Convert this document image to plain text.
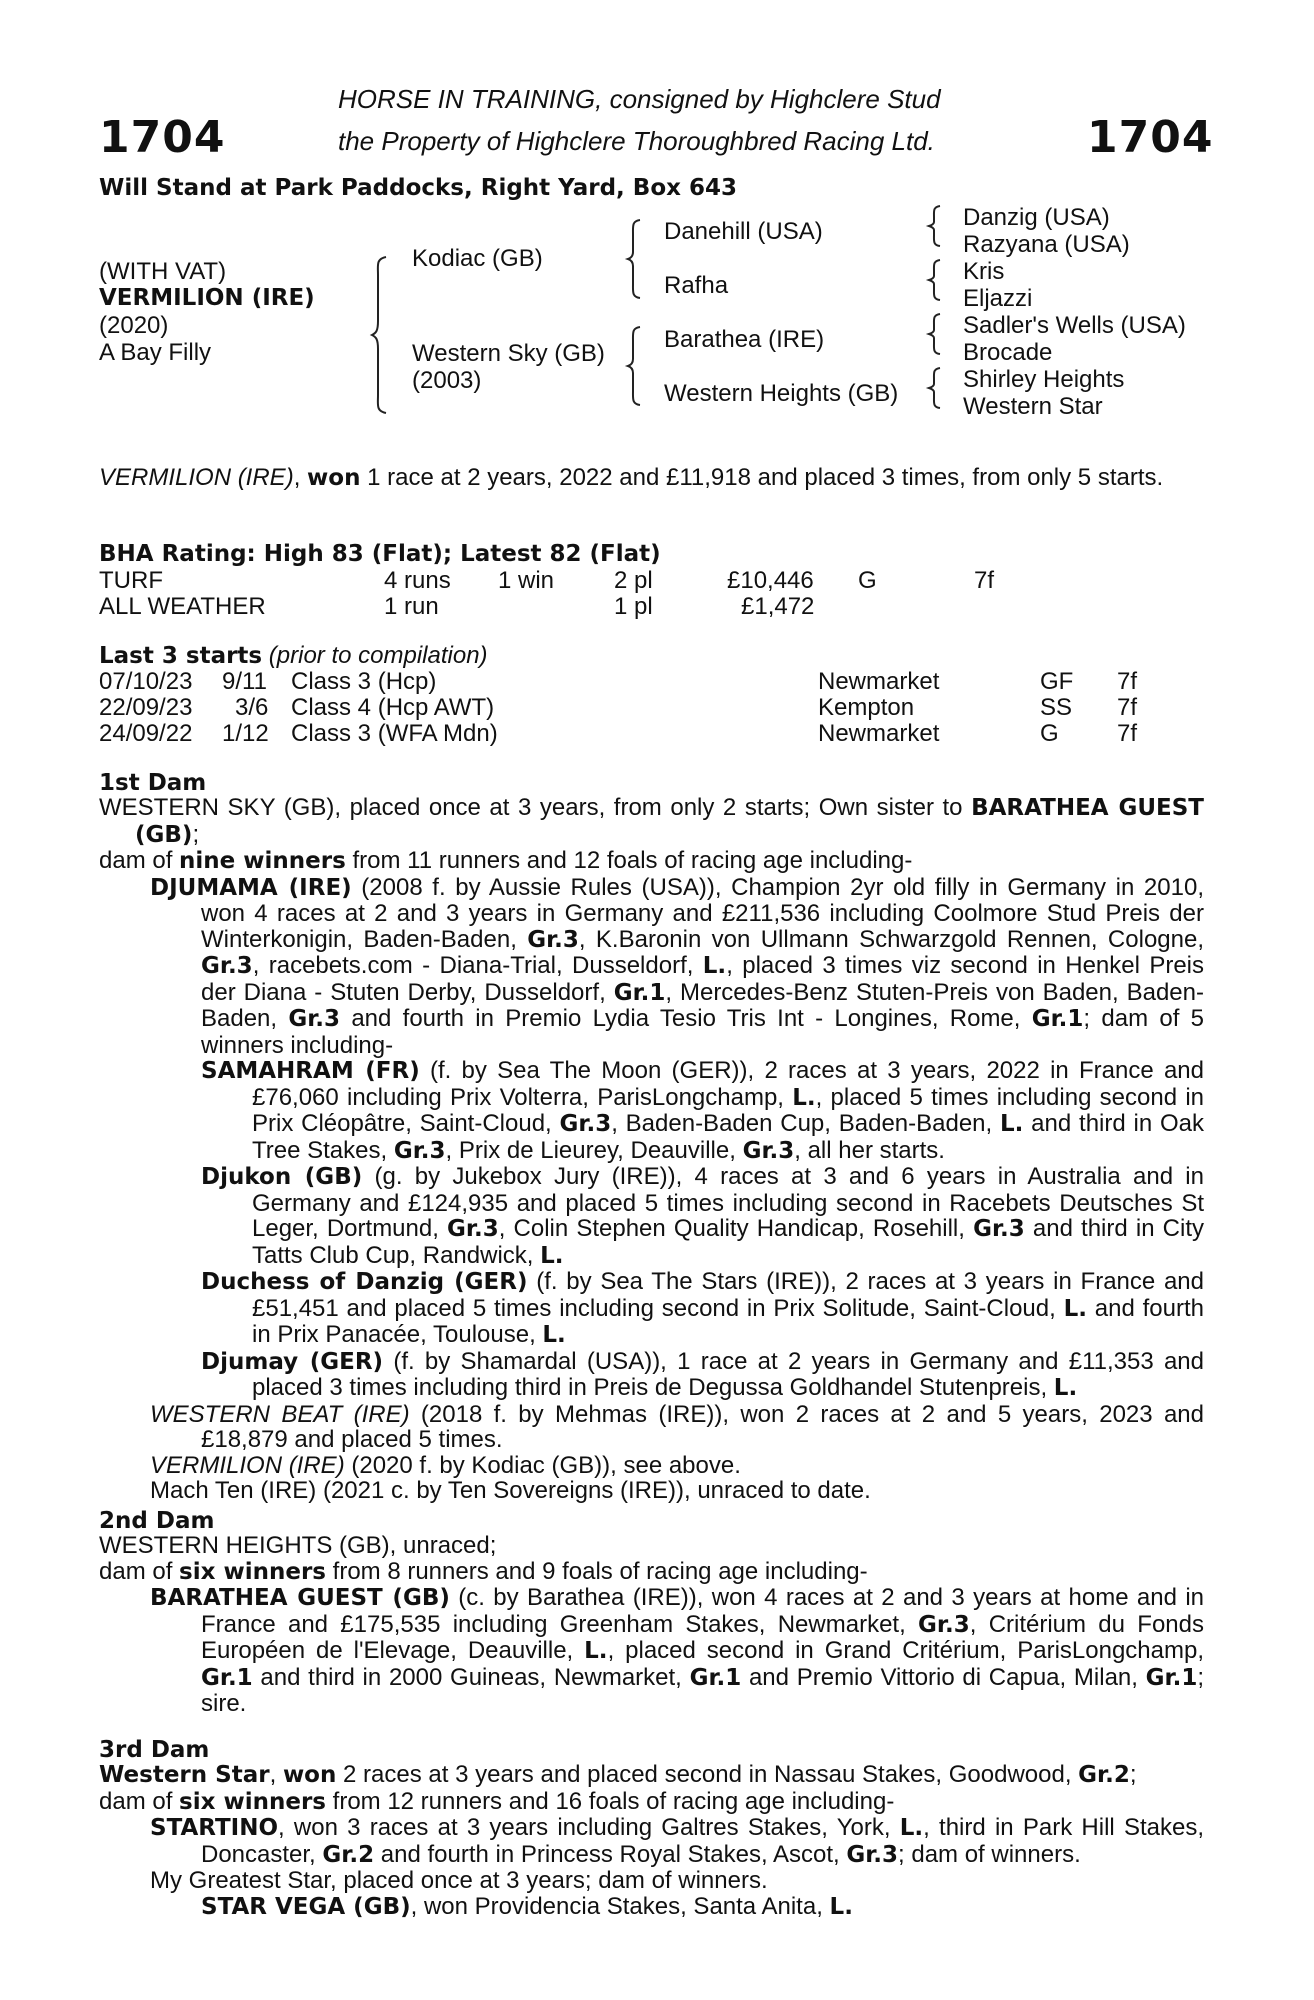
1704	1704
HORSE IN TRAINING, consigned by Highclere Stud
the Property of Highclere Thoroughbred Racing Ltd.
Will Stand at Park Paddocks, Right Yard, Box 643
(WITH VAT)
VERMILION (IRE)
(2020)
A Bay Filly
Kodiac (GB)
Western Sky (GB)
(2003)
Danehill (USA)
Rafha
Barathea (IRE)
Western Heights (GB)
Danzig (USA)
Razyana (USA)
Kris
Eljazzi
Sadler's Wells (USA)
Brocade
Shirley Heights
Western Star
VERMILION (IRE), won 1 race at 2 years, 2022 and £11,918 and placed 3 times, from only 5 starts.
BHA Rating: High 83 (Flat); Latest 82 (Flat)
TURF	4 runs 1 win 2 pl	£10,446 G	7f
ALL WEATHER	1 run	1 pl	£1,472
Last 3 starts (prior to compilation)
07/10/23 9/11 Class 3 (Hcp)	Newmarket	GF 7f
22/09/23 3/6 Class 4 (Hcp AWT)	Kempton	SS 7f
24/09/22 1/12 Class 3 (WFA Mdn)	Newmarket	G 7f
1st Dam
WESTERN SKY (GB), placed once at 3 years, from only 2 starts; Own sister to BARATHEA GUEST (GB);
dam of nine winners from 11 runners and 12 foals of racing age including-
DJUMAMA (IRE) (2008 f. by Aussie Rules (USA)), Champion 2yr old filly in Germany in 2010, won 4 races at 2 and 3 years in Germany and £211,536 including Coolmore Stud Preis der Winterkonigin, Baden-Baden, Gr.3, K.Baronin von Ullmann Schwarzgold Rennen, Cologne, Gr.3, racebets.com - Diana-Trial, Dusseldorf, L., placed 3 times viz second in Henkel Preis der Diana - Stuten Derby, Dusseldorf, Gr.1, Mercedes-Benz Stuten-Preis von Baden, Baden-Baden, Gr.3 and fourth in Premio Lydia Tesio Tris Int - Longines, Rome, Gr.1; dam of 5 winners including-
SAMAHRAM (FR) (f. by Sea The Moon (GER)), 2 races at 3 years, 2022 in France and £76,060 including Prix Volterra, ParisLongchamp, L., placed 5 times including second in Prix Cléopâtre, Saint-Cloud, Gr.3, Baden-Baden Cup, Baden-Baden, L. and third in Oak Tree Stakes, Gr.3, Prix de Lieurey, Deauville, Gr.3, all her starts.
Djukon (GB) (g. by Jukebox Jury (IRE)), 4 races at 3 and 6 years in Australia and in Germany and £124,935 and placed 5 times including second in Racebets Deutsches St Leger, Dortmund, Gr.3, Colin Stephen Quality Handicap, Rosehill, Gr.3 and third in City Tatts Club Cup, Randwick, L.
Duchess of Danzig (GER) (f. by Sea The Stars (IRE)), 2 races at 3 years in France and £51,451 and placed 5 times including second in Prix Solitude, Saint-Cloud, L. and fourth in Prix Panacée, Toulouse, L.
Djumay (GER) (f. by Shamardal (USA)), 1 race at 2 years in Germany and £11,353 and placed 3 times including third in Preis de Degussa Goldhandel Stutenpreis, L.
WESTERN BEAT (IRE) (2018 f. by Mehmas (IRE)), won 2 races at 2 and 5 years, 2023 and £18,879 and placed 5 times.
VERMILION (IRE) (2020 f. by Kodiac (GB)), see above.
Mach Ten (IRE) (2021 c. by Ten Sovereigns (IRE)), unraced to date.
2nd Dam
WESTERN HEIGHTS (GB), unraced;
dam of six winners from 8 runners and 9 foals of racing age including-
BARATHEA GUEST (GB) (c. by Barathea (IRE)), won 4 races at 2 and 3 years at home and in France and £175,535 including Greenham Stakes, Newmarket, Gr.3, Critérium du Fonds Européen de l'Elevage, Deauville, L., placed second in Grand Critérium, ParisLongchamp, Gr.1 and third in 2000 Guineas, Newmarket, Gr.1 and Premio Vittorio di Capua, Milan, Gr.1; sire.
3rd Dam
Western Star, won 2 races at 3 years and placed second in Nassau Stakes, Goodwood, Gr.2;
dam of six winners from 12 runners and 16 foals of racing age including-
STARTINO, won 3 races at 3 years including Galtres Stakes, York, L., third in Park Hill Stakes, Doncaster, Gr.2 and fourth in Princess Royal Stakes, Ascot, Gr.3; dam of winners.
My Greatest Star, placed once at 3 years; dam of winners.
STAR VEGA (GB), won Providencia Stakes, Santa Anita, L.
